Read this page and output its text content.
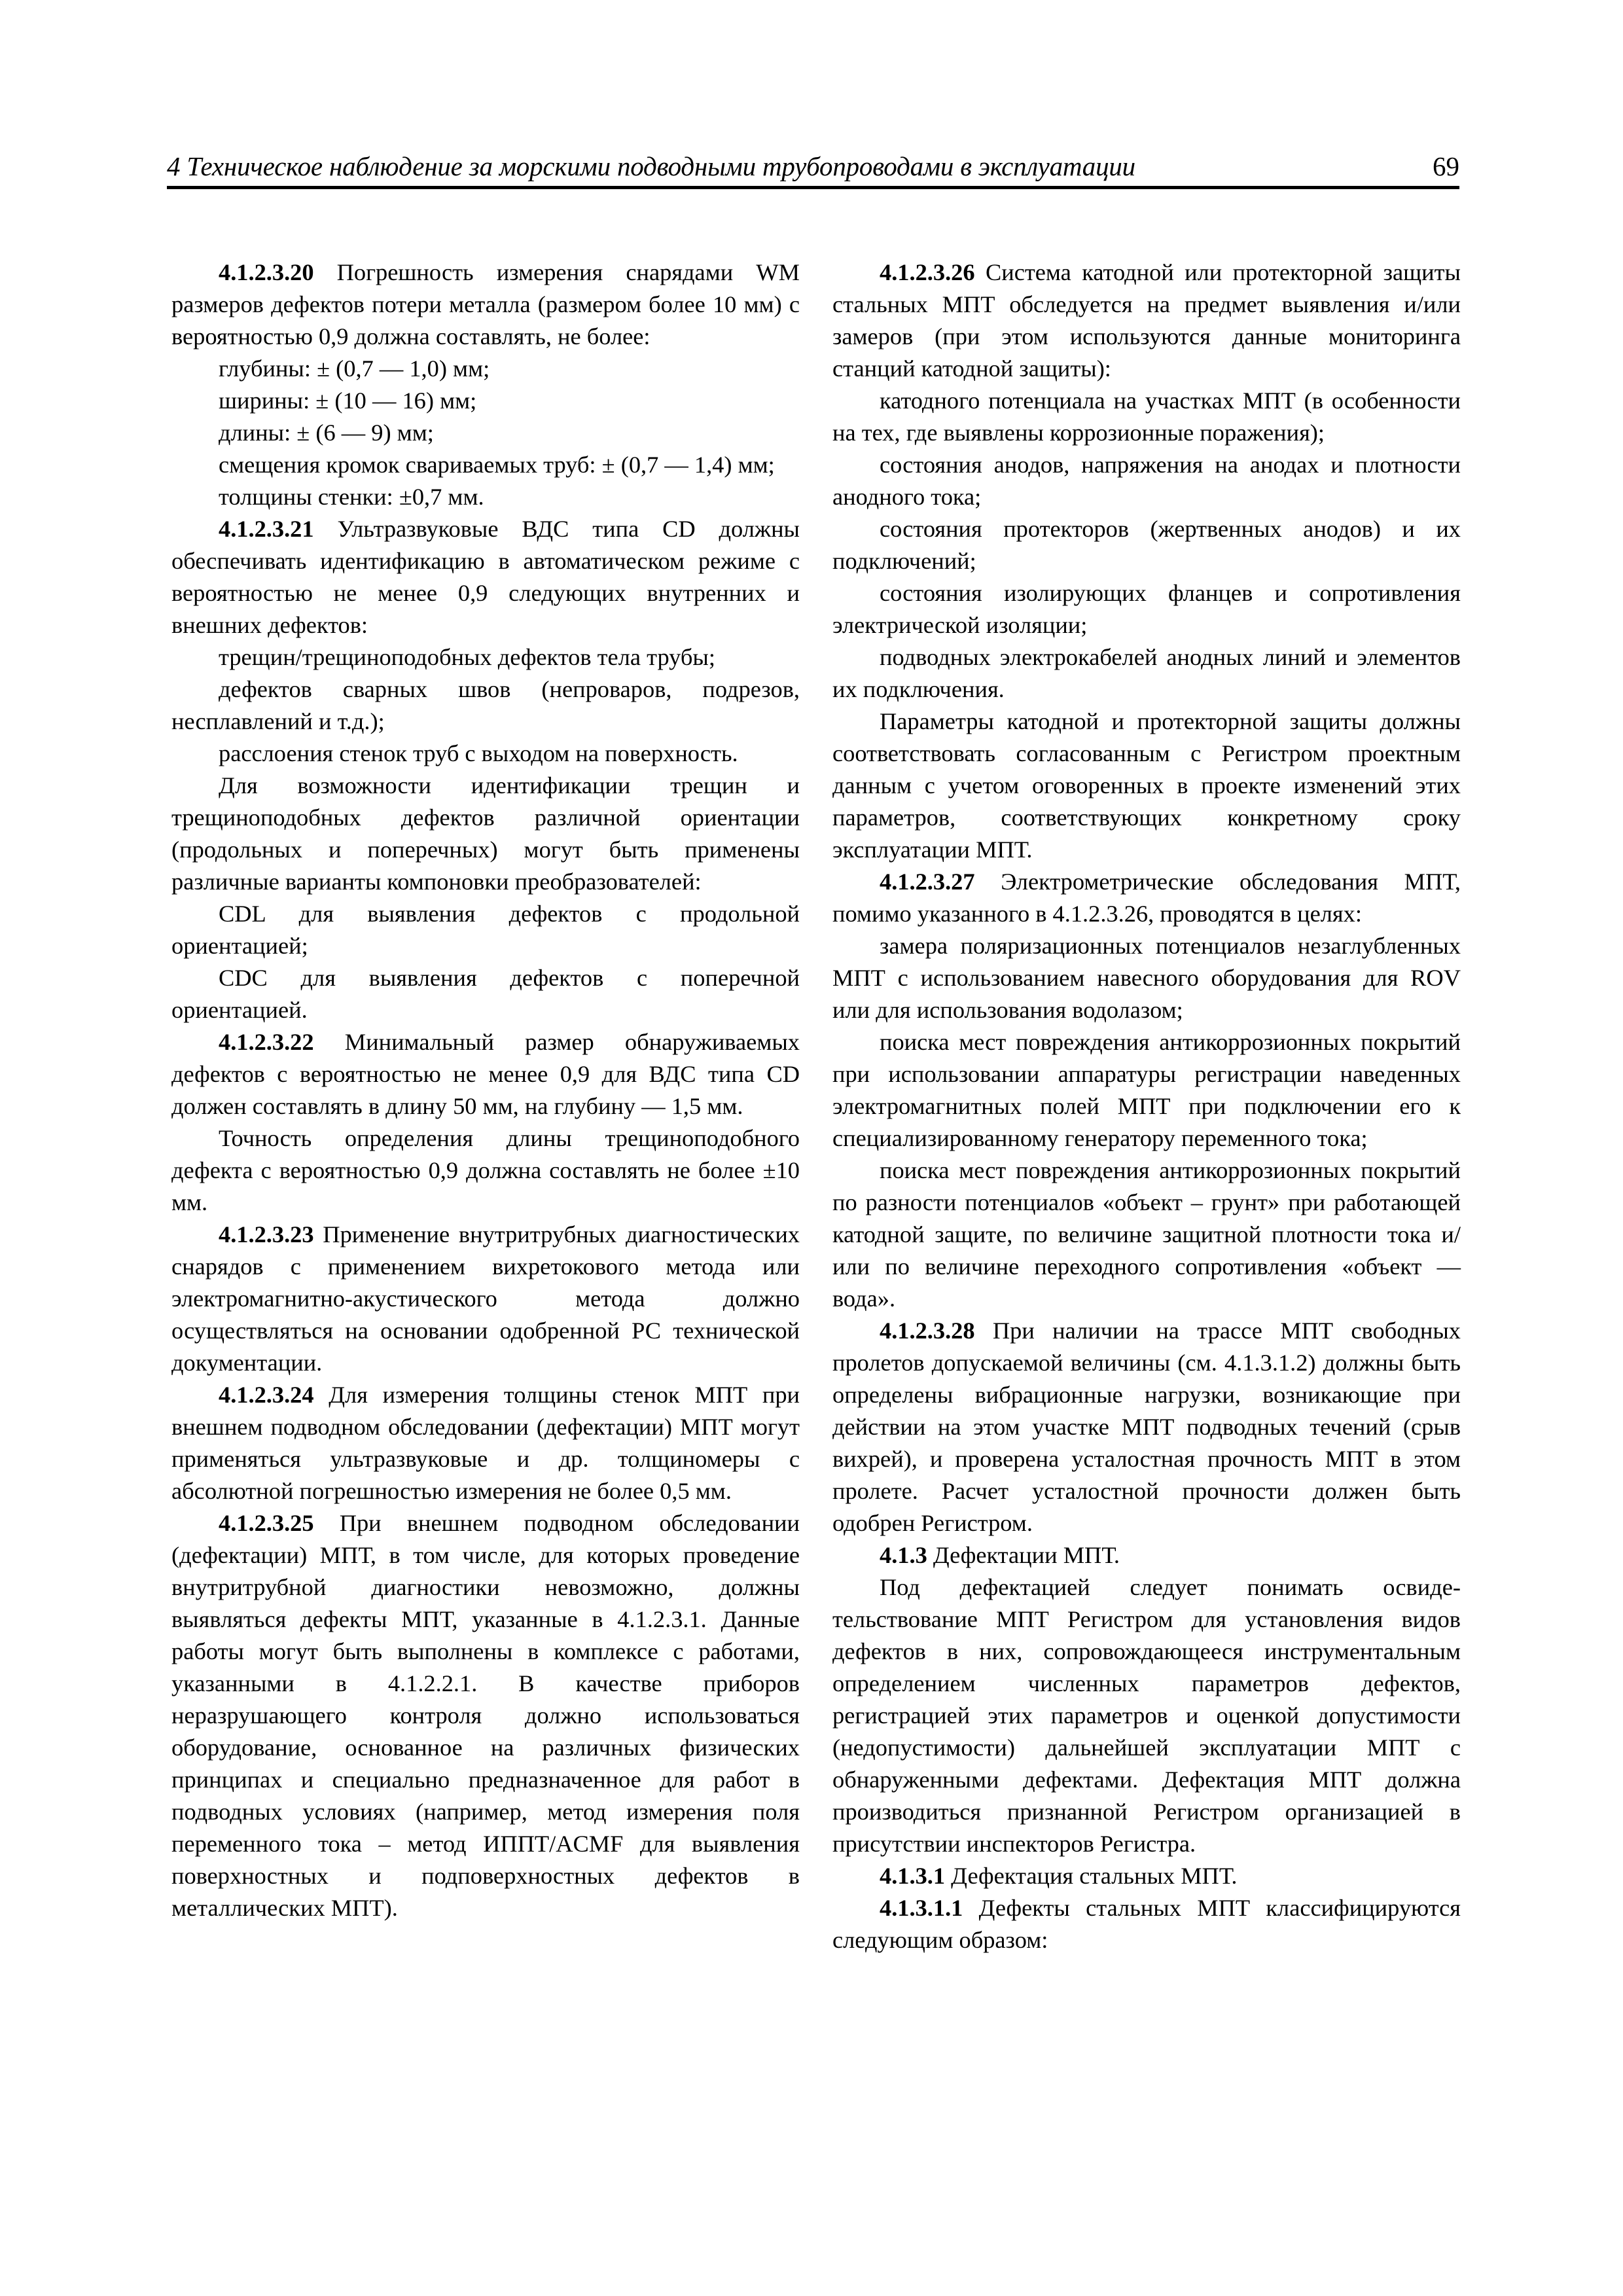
4 Техническое наблюдение за морскими подводными трубопроводами в эксплуатации	69

4.1.2.3.20 Погрешность измерения снарядами WM размеров дефектов потери металла (размером более 10 мм) с вероятностью 0,9 должна составлять, не более:

глубины: ± (0,7 — 1,0) мм;

ширины: ± (10 — 16) мм;

длины: ± (6 — 9) мм;

смещения кромок свариваемых труб: ± (0,7 — 1,4) мм;

толщины стенки: ±0,7 мм.

4.1.2.3.21 Ультразвуковые ВДС типа CD должны обеспечивать идентификацию в автоматическом режиме с вероятностью не менее 0,9 следующих внутренних и внешних дефектов:

трещин/трещиноподобных дефектов тела трубы;

дефектов сварных швов (непроваров, подрезов, несплавлений и т.д.);

расслоения стенок труб с выходом на поверхность.

Для возможности идентификации трещин и трещиноподобных дефектов различной ориентации (продольных и поперечных) могут быть применены различные варианты компоновки преобразователей:

CDL для выявления дефектов с продольной ориентацией;

CDC для выявления дефектов с поперечной ориентацией.

4.1.2.3.22 Минимальный размер обнаруживаемых дефектов с вероятностью не менее 0,9 для ВДС типа CD должен составлять в длину 50 мм, на глубину — 1,5 мм.

Точность определения длины трещиноподобного дефекта с вероятностью 0,9 должна составлять не более ±10 мм.

4.1.2.3.23 Применение внутритрубных диагностических снарядов с применением вихретокового метода или электромагнитно-акустического метода должно осуществляться на основании одобренной РС технической документации.

4.1.2.3.24 Для измерения толщины стенок МПТ при внешнем подводном обследовании (дефектации) МПТ могут применяться ультразвуковые и др. толщиномеры с абсолютной погрешностью измерения не более 0,5 мм.

4.1.2.3.25 При внешнем подводном обследовании (дефектации) МПТ, в том числе, для которых проведение внутритрубной диагностики невозможно, должны выявляться дефекты МПТ, указанные в 4.1.2.3.1. Данные работы могут быть выполнены в комплексе с работами, указанными в 4.1.2.2.1. В качестве приборов неразрушающего контроля должно использоваться оборудование, основанное на различных физических принципах и специально предназначенное для работ в подводных условиях (например, метод измерения поля переменного тока – метод ИППТ/ACMF для выявления поверхностных и подповерхностных дефектов в металлических МПТ).

4.1.2.3.26 Система катодной или протекторной защиты стальных МПТ обследуется на предмет выявления и/или замеров (при этом используются данные мониторинга станций катодной защиты):

катодного потенциала на участках МПТ (в особенности на тех, где выявлены коррозионные поражения);

состояния анодов, напряжения на анодах и плотности анодного тока;

состояния протекторов (жертвенных анодов) и их подключений;

состояния изолирующих фланцев и сопротивления электрической изоляции;

подводных электрокабелей анодных линий и элементов их подключения.

Параметры катодной и протекторной защиты должны соответствовать согласованным с Регистром проектным данным с учетом оговоренных в проекте изменений этих параметров, соответствующих конкретному сроку эксплуатации МПТ.

4.1.2.3.27 Электрометрические обследования МПТ, помимо указанного в 4.1.2.3.26, проводятся в целях:

замера поляризационных потенциалов незаглубленных МПТ с использованием навесного оборудования для ROV или для использования водолазом;

поиска мест повреждения антикоррозионных покрытий при использовании аппаратуры регистрации наведенных электромагнитных полей МПТ при подключении его к специализированному генератору переменного тока;

поиска мест повреждения антикоррозионных покрытий по разности потенциалов «объект – грунт» при работающей катодной защите, по величине защитной плотности тока и/или по величине переходного сопротивления «объект — вода».

4.1.2.3.28 При наличии на трассе МПТ свободных пролетов допускаемой величины (см. 4.1.3.1.2) должны быть определены вибрационные нагрузки, возникающие при действии на этом участке МПТ подводных течений (срыв вихрей), и проверена усталостная прочность МПТ в этом пролете. Расчет усталостной прочности должен быть одобрен Регистром.

4.1.3 Дефектации МПТ.

Под дефектацией следует понимать освидетельствование МПТ Регистром для установления видов дефектов в них, сопровождающееся инструментальным определением численных параметров дефектов, регистрацией этих параметров и оценкой допустимости (недопустимости) дальнейшей эксплуатации МПТ с обнаруженными дефектами. Дефектация МПТ должна производиться признанной Регистром организацией в присутствии инспекторов Регистра.

4.1.3.1 Дефектация стальных МПТ.

4.1.3.1.1 Дефекты стальных МПТ классифицируются следующим образом:
